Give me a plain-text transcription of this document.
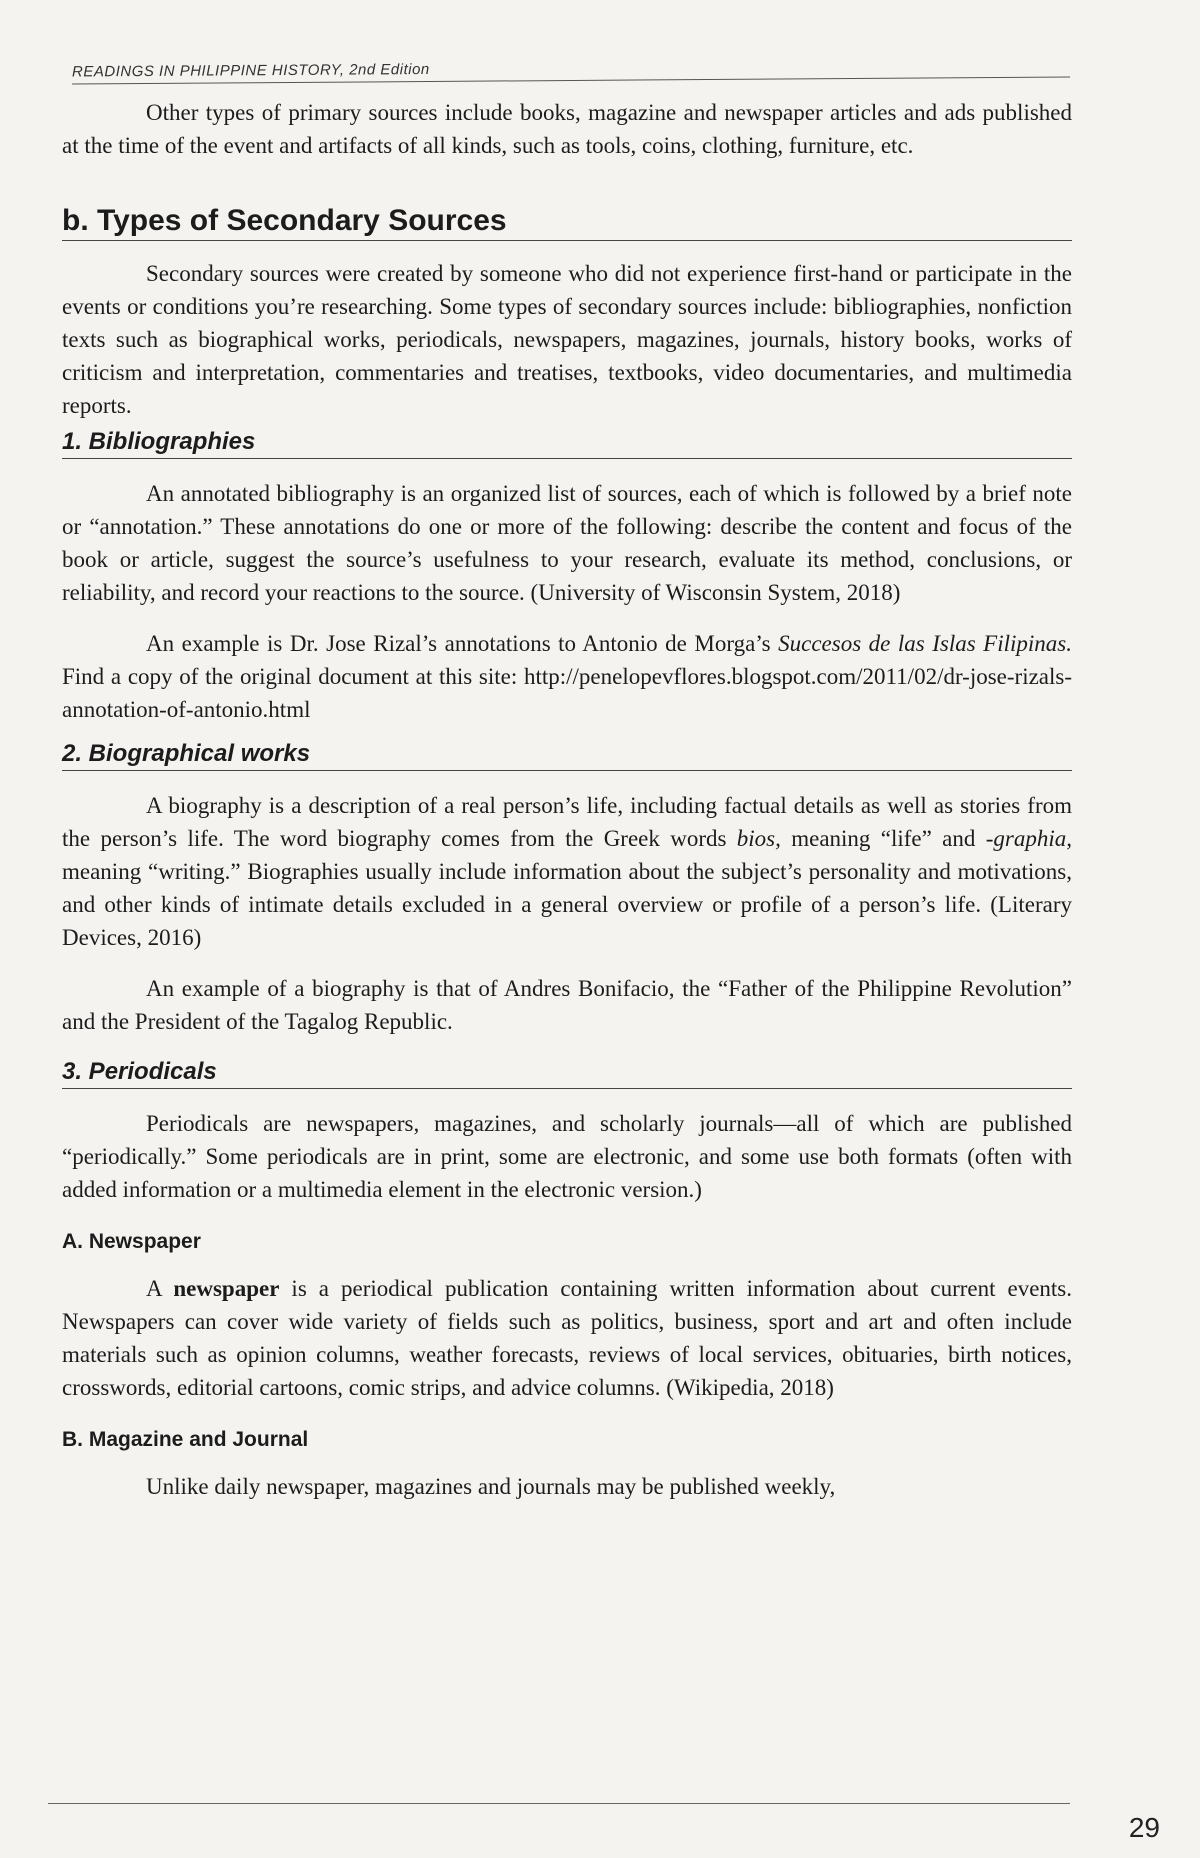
READINGS IN PHILIPPINE HISTORY, 2nd Edition

Other types of primary sources include books, magazine and newspaper articles and ads published at the time of the event and artifacts of all kinds, such as tools, coins, clothing, furniture, etc.

b. Types of Secondary Sources

Secondary sources were created by someone who did not experience first-hand or participate in the events or conditions you’re researching. Some types of secondary sources include: bibliographies, nonfiction texts such as biographical works, periodicals, newspapers, magazines, journals, history books, works of criticism and interpretation, commentaries and treatises, textbooks, video documentaries, and multimedia reports.

1. Bibliographies

An annotated bibliography is an organized list of sources, each of which is followed by a brief note or “annotation.” These annotations do one or more of the following: describe the content and focus of the book or article, suggest the source’s usefulness to your research, evaluate its method, conclusions, or reliability, and record your reactions to the source. (University of Wisconsin System, 2018)

An example is Dr. Jose Rizal’s annotations to Antonio de Morga’s Succesos de las Islas Filipinas. Find a copy of the original document at this site: http://penelopevflores.blogspot.com/2011/02/dr-jose-rizals-annotation-of-antonio.html

2. Biographical works

A biography is a description of a real person’s life, including factual details as well as stories from the person’s life. The word biography comes from the Greek words bios, meaning “life” and -graphia, meaning “writing.” Biographies usually include information about the subject’s personality and motivations, and other kinds of intimate details excluded in a general overview or profile of a person’s life. (Literary Devices, 2016)

An example of a biography is that of Andres Bonifacio, the “Father of the Philippine Revolution” and the President of the Tagalog Republic.

3. Periodicals

Periodicals are newspapers, magazines, and scholarly journals—all of which are published “periodically.” Some periodicals are in print, some are electronic, and some use both formats (often with added information or a multimedia element in the electronic version.)

A. Newspaper

A newspaper is a periodical publication containing written information about current events. Newspapers can cover wide variety of fields such as politics, business, sport and art and often include materials such as opinion columns, weather forecasts, reviews of local services, obituaries, birth notices, crosswords, editorial cartoons, comic strips, and advice columns. (Wikipedia, 2018)

B. Magazine and Journal

Unlike daily newspaper, magazines and journals may be published weekly,

29
